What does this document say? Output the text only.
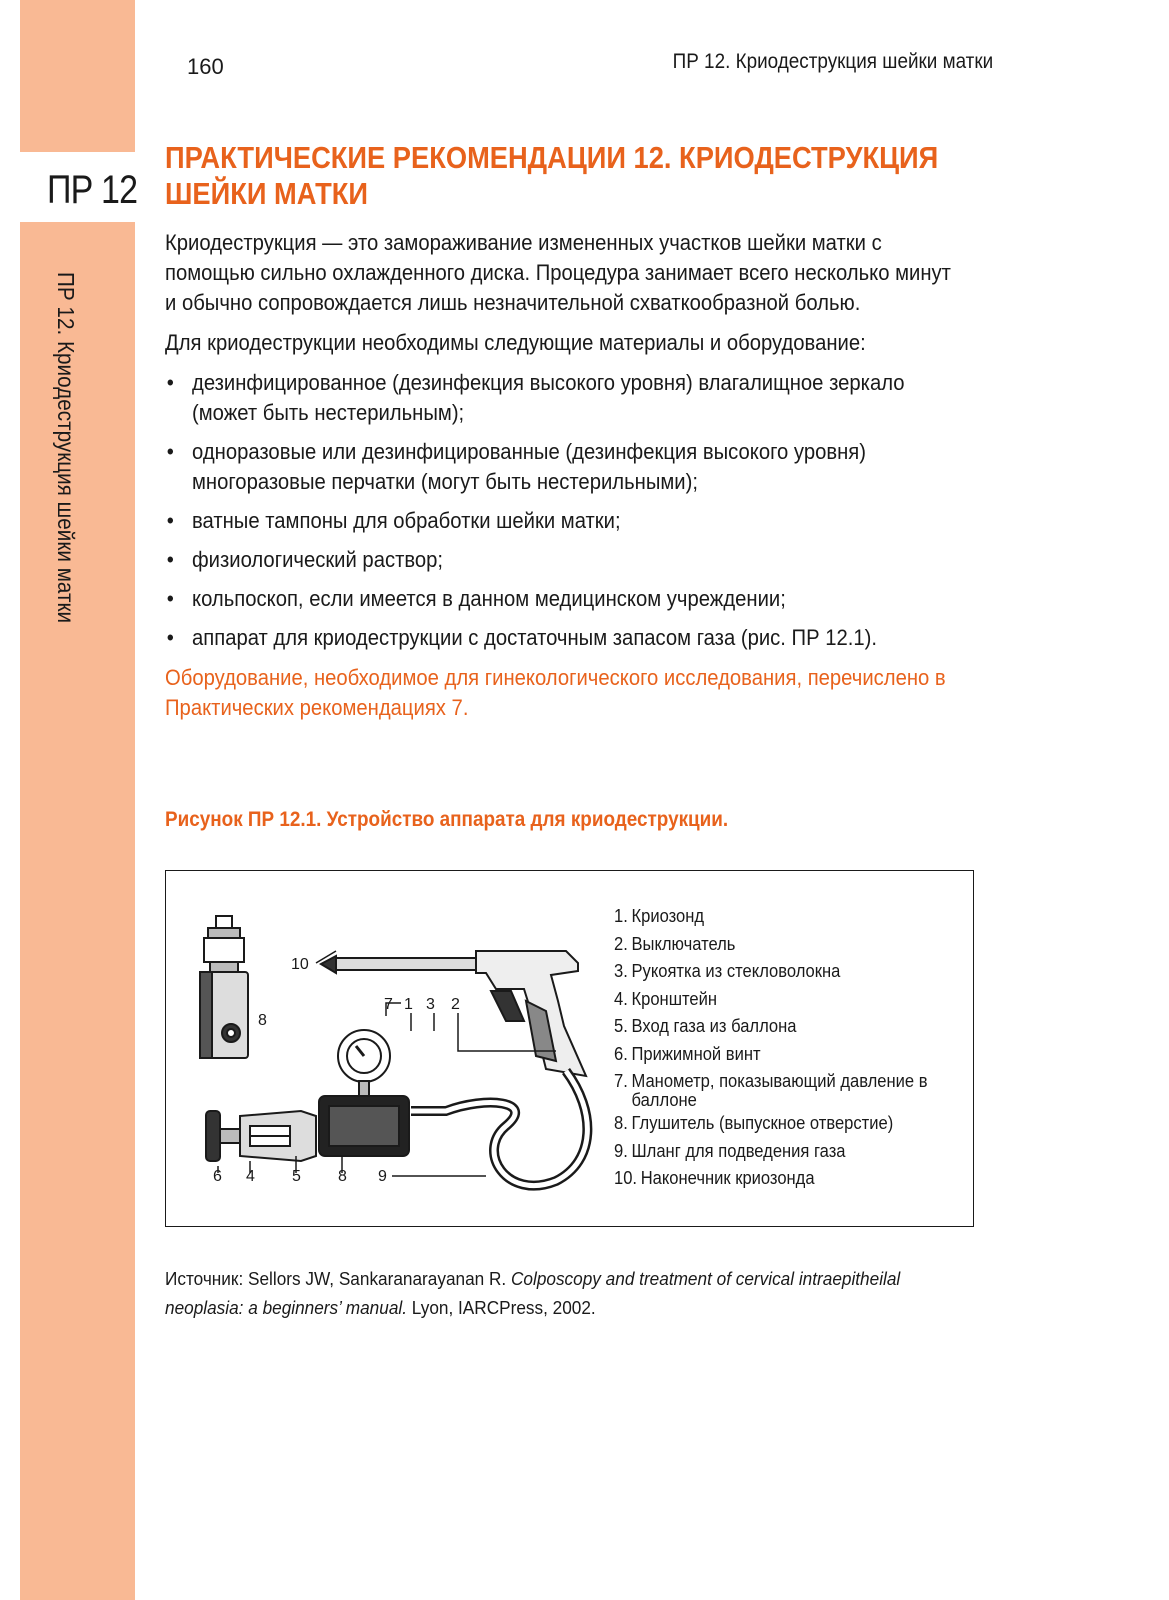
ПР 12
ПР 12. Криодеструкция шейки матки
160	ПР 12. Криодеструкция шейки матки
ПРАКТИЧЕСКИЕ РЕКОМЕНДАЦИИ 12. КРИОДЕСТРУКЦИЯ
ШЕЙКИ МАТКИ

Криодеструкция — это замораживание измененных участков шейки матки с помощью сильно охлажденного диска. Процедура занимает всего несколько минут и обычно сопровождается лишь незначительной схваткообразной болью.

Для криодеструкции необходимы следующие материалы и оборудование:

• дезинфицированное (дезинфекция высокого уровня) влагалищное зеркало (может быть нестерильным);
• одноразовые или дезинфицированные (дезинфекция высокого уровня) многоразовые перчатки (могут быть нестерильными);
• ватные тампоны для обработки шейки матки;
• физиологический раствор;
• кольпоскоп, если имеется в данном медицинском учреждении;
• аппарат для криодеструкции с достаточным запасом газа (рис. ПР 12.1).

Оборудование, необходимое для гинекологического исследования, перечислено в Практических рекомендациях 7.

Рисунок ПР 12.1. Устройство аппарата для криодеструкции.
10
8
7 1 3 2
6 4 5 8 9
1. Криозонд
2. Выключатель
3. Рукоятка из стекловолокна
4. Кронштейн
5. Вход газа из баллона
6. Прижимной винт
7. Манометр, показывающий давление в баллоне
8. Глушитель (выпускное отверстие)
9. Шланг для подведения газа
10. Наконечник криозонда
Источник: Sellors JW, Sankaranarayanan R. Colposcopy and treatment of cervical intraepitheilal neoplasia: a beginners’ manual. Lyon, IARCPress, 2002.
